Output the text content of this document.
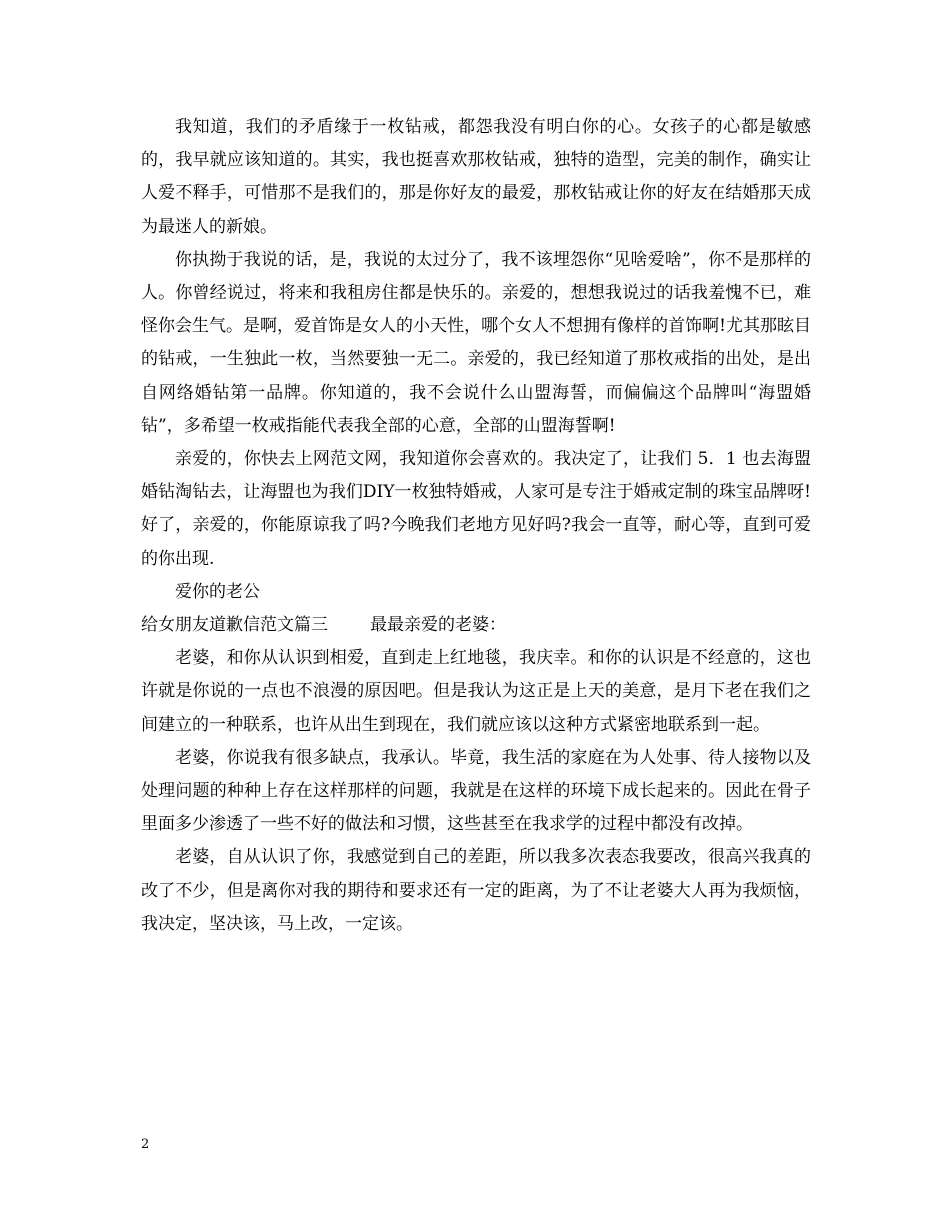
我知道，我们的矛盾缘于一枚钻戒，都怨我没有明白你的心。女孩子的心都是敏感的，我早就应该知道的。其实，我也挺喜欢那枚钻戒，独特的造型，完美的制作，确实让人爱不释手，可惜那不是我们的，那是你好友的最爱，那枚钻戒让你的好友在结婚那天成为最迷人的新娘。

你执拗于我说的话，是，我说的太过分了，我不该埋怨你“见啥爱啥”，你不是那样的人。你曾经说过，将来和我租房住都是快乐的。亲爱的，想想我说过的话我羞愧不已，难怪你会生气。是啊，爱首饰是女人的小天性，哪个女人不想拥有像样的首饰啊!尤其那眩目的钻戒，一生独此一枚，当然要独一无二。亲爱的，我已经知道了那枚戒指的出处，是出自网络婚钻第一品牌。你知道的，我不会说什么山盟海誓，而偏偏这个品牌叫“海盟婚钻”，多希望一枚戒指能代表我全部的心意，全部的山盟海誓啊!

亲爱的，你快去上网范文网，我知道你会喜欢的。我决定了，让我们 5．1 也去海盟婚钻淘钻去，让海盟也为我们DIY一枚独特婚戒，人家可是专注于婚戒定制的珠宝品牌呀!好了，亲爱的，你能原谅我了吗?今晚我们老地方见好吗?我会一直等，耐心等，直到可爱的你出现.

爱你的老公

给女朋友道歉信范文篇三 最最亲爱的老婆：

老婆，和你从认识到相爱，直到走上红地毯，我庆幸。和你的认识是不经意的，这也许就是你说的一点也不浪漫的原因吧。但是我认为这正是上天的美意，是月下老在我们之间建立的一种联系，也许从出生到现在，我们就应该以这种方式紧密地联系到一起。

老婆，你说我有很多缺点，我承认。毕竟，我生活的家庭在为人处事、待人接物以及处理问题的种种上存在这样那样的问题，我就是在这样的环境下成长起来的。因此在骨子里面多少渗透了一些不好的做法和习惯，这些甚至在我求学的过程中都没有改掉。

老婆，自从认识了你，我感觉到自己的差距，所以我多次表态我要改，很高兴我真的改了不少，但是离你对我的期待和要求还有一定的距离，为了不让老婆大人再为我烦恼，我决定，坚决该，马上改，一定该。

2
